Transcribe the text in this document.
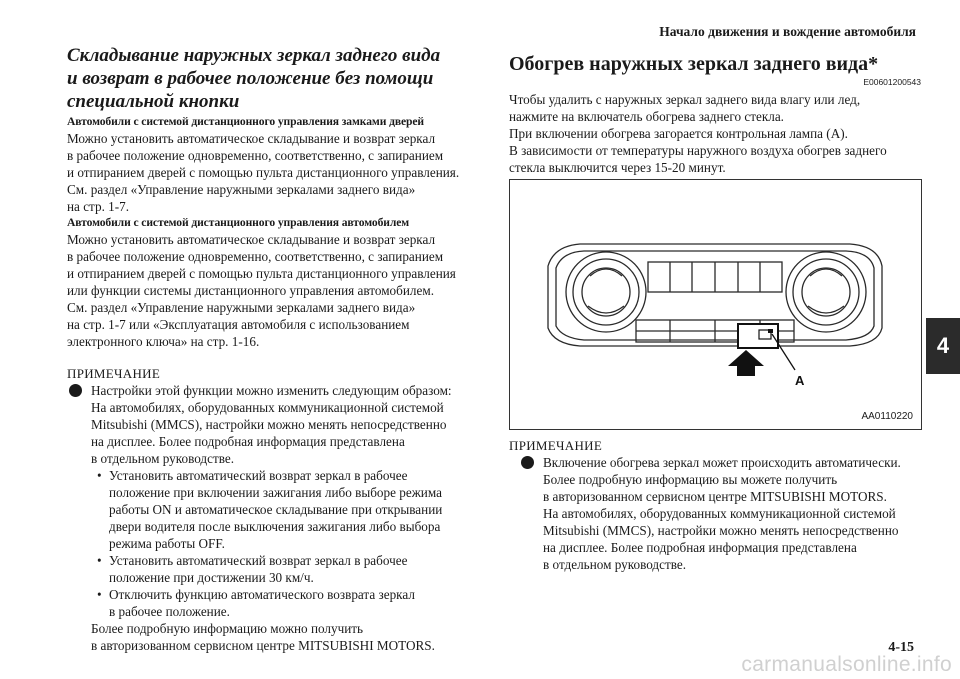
Начало движения и вождение автомобиля
4
Складывание наружных зеркал заднего вида
и возврат в рабочее положение без помощи
специальной кнопки
Автомобили с системой дистанционного управления замками дверей
Можно установить автоматическое складывание и возврат зеркал
в рабочее положение одновременно, соответственно, с запиранием
и отпиранием дверей с помощью пульта дистанционного управления.
См. раздел «Управление наружными зеркалами заднего вида»
на стр. 1-7.
Автомобили с системой дистанционного управления автомобилем
Можно установить автоматическое складывание и возврат зеркал
в рабочее положение одновременно, соответственно, с запиранием
и отпиранием дверей с помощью пульта дистанционного управления
или функции системы дистанционного управления автомобилем.
См. раздел «Управление наружными зеркалами заднего вида»
на стр. 1-7 или «Эксплуатация автомобиля с использованием
электронного ключа» на стр. 1-16.
ПРИМЕЧАНИЕ
Настройки этой функции можно изменить следующим образом:
На автомобилях, оборудованных коммуникационной системой
Mitsubishi (MMCS), настройки можно менять непосредственно
на дисплее. Более подробная информация представлена
в отдельном руководстве.
• Установить автоматический возврат зеркал в рабочее
положение при включении зажигания либо выборе режима
работы ON и автоматическое складывание при открывании
двери водителя после выключения зажигания либо выбора
режима работы OFF.
• Установить автоматический возврат зеркал в рабочее
положение при достижении 30 км/ч.
• Отключить функцию автоматического возврата зеркал
в рабочее положение.
Более подробную информацию можно получить
в авторизованном сервисном центре MITSUBISHI MOTORS.
Обогрев наружных зеркал заднего вида*
E00601200543
Чтобы удалить с наружных зеркал заднего вида влагу или лед,
нажмите на включатель обогрева заднего стекла.
При включении обогрева загорается контрольная лампа (A).
В зависимости от температуры наружного воздуха обогрев заднего
стекла выключится через 15-20 минут.
A
AA0110220
ПРИМЕЧАНИЕ
Включение обогрева зеркал может происходить автоматически.
Более подробную информацию вы можете получить
в авторизованном сервисном центре MITSUBISHI MOTORS.
На автомобилях, оборудованных коммуникационной системой
Mitsubishi (MMCS), настройки можно менять непосредственно
на дисплее. Более подробная информация представлена
в отдельном руководстве.
4-15
carmanualsonline.info
